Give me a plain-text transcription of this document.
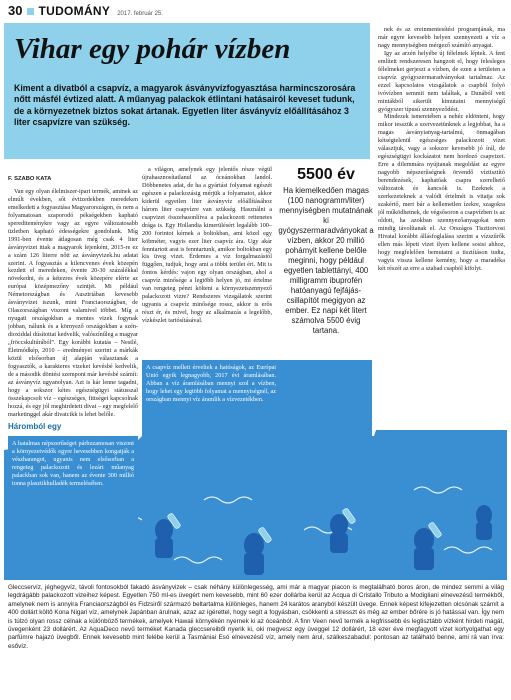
30 TUDOMÁNY 2017. február 25.
Vihar egy pohár vízben

Kiment a divatból a csapvíz, a magyarok ásványvízfogyasztása harmincszorosára nőtt másfél évtized alatt. A műanyag palackok étlintani hatásairól keveset tudunk, de a környezetnek biztos sokat ártanak. Egyetlen liter ásványvíz előállításához 3 liter csapvízre van szükség.

F. SZABÓ KATA

Van egy olyan élelmiszer-ipari termék, aminek az elmúlt években, sőt évtizedekben meredeken emelkedett a fogyasztása Magyarországon, és nem a folyamatosan szaporodó pékségekben kapható sperediteménykre vagy az egyre változatosabb üzletben kapható édességekre gondolunk. Míg 1991-ben évente átlagosan még csak 4 liter ásványvizet ittak a magyarok fejenként, 2015-re ez a szám 126 literre nőtt az ásványvizek.hu adatai szerint. A fogyasztás a kilencvenes évek közepén kezdett el meredeken, évente 20-30 százalékkal növekedni, és a kétezres évek közepére elérte az európai középmezőny szintjét. Mi például Németországban és Ausztriában kevesebb ásványvizet iszunk, mint Franciaországban, de Olaszországban viszont valamivel többet. Míg a nyugati országokban a mentes vizek fogynak jobban, nálunk és a környező országokban a szén-dioxiddal dúsítottat kedvelik, valószínűleg a magyar „fröccskultúrából”. Egy korábbi kutatás – Nestlé, Életmódkép, 2010 – eredményei szerint a márkák közül elsősorban új alapján választanak a fogyasztók, a karakteres vizeket kevésbé kedvelik, de a második döntési szempont már kevésbé számít: az ásványvíz ugyanolyan. Azt is kár lenne tagadni, hogy a sokszor kétes egészségügyi státusszal összekapcsolt víz – egészséges, fittséget kapcsolnak hozzá, és egy jól meghirdetett divat – egy megfelelő marketinggel akár divatcikk is lehet belőle.

Háromból egy

a világon, amelynek egy jelentős része végül újrahasznosítatlanul az óceánokban landol. Döbbenetes adat, de ha a gyártási folyamat egészét egészen a palackozásig mérjük a folyamatot, akkor kiderül egyetlen liter ásványvíz előállításához három liter csapvízre van szükség. Használni a csapvizet összehasonlítva a palackozott rettenetes drága is. Egy Hollandia kimerülésért legalább 100–200 forintot kérnek a boltokban, ami közel egy köbméter, vagyis ezer liter csapvíz ára. Ugy akár fenntartott arat is fenntartunk, amikor boltokban egy kis üveg vizet. Érdemes a víz forgalmazástól függően, tudjuk, hogy ami a többi terület éri. Mit is fontos kérdés: vajon egy olyan országban, ahol a csapvíz minősége a legtöbb helyen jó, mi értelme van rengeteg pénzt költeni a környezetszennyező palackozott vizre? Rendszeres vizsgálatok szerint ugyanis a csapvíz minősége rossz, akkor is erős részt ér, és mivel, hogy az alkalmazás a legelőbb, vízkészlet tartósításával.

5500 év
Ha kiemelkedően magas (100 nanogramm/liter) mennyiségben mutatnának ki gyógyszermaradványokat a vízben, akkor 20 millió pohámyit kellene belőle meginni, hogy például egyetlen tablettányi, 400 milligramm ibuprofén hatóanyagú fejfájás-csillapítót megigyon az ember. Ez napi két litert számolva 5500 évig tartana.

nek és az ereinmentesítési programjának, ma már egyre kevesebb helyen szennyezett a víz a nagy mennyiségben mérgező számító anyagai.

Igy az arzén helyébe új félelmek léptek. A fent említett rendszeresen hangzott el, hogy felesleges félelmeket gerjeszt a vízben, de ezen a területen a csapvíz gyógyszermaradványokat tartalmaz. Az ezzel kapcsolatos vizsgálatok a csapból folyó ivóvízben semmit nem találtak, a Dunából vett mintákból sikerült kimutatni mennyiségű gyógyszer típusú szennyeződést.

Mindezek ismeretében a nehéz eldönteni, hogy mikor tesszük a szervezetünknek a legjobbat, ha a magas ásványianyag-tartalmú, önmagában kétségtelenül egészséges palackozott vizet választjuk, vagy a sokszor kevesebb jó írál, de egészségügyi kockázatot nem hordozó csapvizet. Erre a dilemmára nyújtanak megoldást az egyre nagyobb népszerűségnek örvendő víztisztító berendezések, kaphatóak csapra szerelhető változatok és kancsók is. Ezeknek a szerkezeteknek a valódi értelmét is vitatja sok szakértő, mert bár a kellemetlen ízekre, szagokra jól működhetnek, de végsősoron a csapvízben is az oldott, ha azokban szennyezőanyagokat nem mindig távolítanak el. Az Országos Tisztiorvosi Hivatal korábbi állásfoglalása szerint a vízszűrők ellen más lépett vizet ilyen kellene sosisi ahhoz, hogy megfelelően bemutatni a tisztításon tudta, vagyis vissza kellene kemény, hogy a maradéka két részét az erre a szabad csapból kifolyt.

A csapvíz mellett érveltek a hatóságok, az Európai Unió egyik legnagyobb, 2017 évi áramlásában. Abban a víz áramlásában mennyi szol a vízben, hogy lehet egy legtöbb folyamat a mennyiségnél, az országban mennyi víz áramlik a vízvezetékben.

A hatalmas népszerűséget párhuzamosan viszont a környezetvédők egyre hevesebben kongatják a vészharangot, ugyanis nem elsősorban a rengeteg palackozott és lezárt műanyag palackban sok van, hanem az évente 300 millió tonna plasztikhulladék termelésében.

Gleccservíz, jéghegyvíz, távoli fontosokból fakadó ásványvizek – csak néhány különlegesség, ami már a magyar piacon is megtalálható boros áron, de mindez semmi a világ legdrágább palackozott vizeihez képest. Egyetlen 750 ml-es üvegért nem kevesebb, mint 60 ezer dollárba kerül az Acqua di Cristallo Tributo a Modigliani elnevezésű termékből, amelynek nem is annyira Franciaországból és Fidzsiről származó beltartalma különleges, hanem 24 karátos aranyból készült üvege. Ennek képest kifejezetten olcsónak számít a 400 dollárt költő Kona Nigari víz, amelynek Japánban árulnak, azaz az ígérettel, hogy segít a fogyásban, csökkenti a stresszt és még az ember bőrére is jó hatással van. Így nem is túlzó olyan rossz célnak a különböző termékek, amelyek Hawaii környékén nyernek ki az óceánból. A finn Veen nevű termék a legfrissebb és legtisztább vízként hirdeti magát, üvegenként 23 dollárért. Az AquaDeco nevű terméket Kanada gleccsereiből nyerik ki, oki megvesz egy üveggel 12 dollárért, 18 ezer éve megfagyott vizet kortyolgathat egy parfümre hajazó üvegből. Ennek kevesebb mint felébe kerül a Tasmániai Esó elnevezésű víz, amely nem árul, szálkeszabadul: pontosan az található benne, ami rá van írva: esővíz.
